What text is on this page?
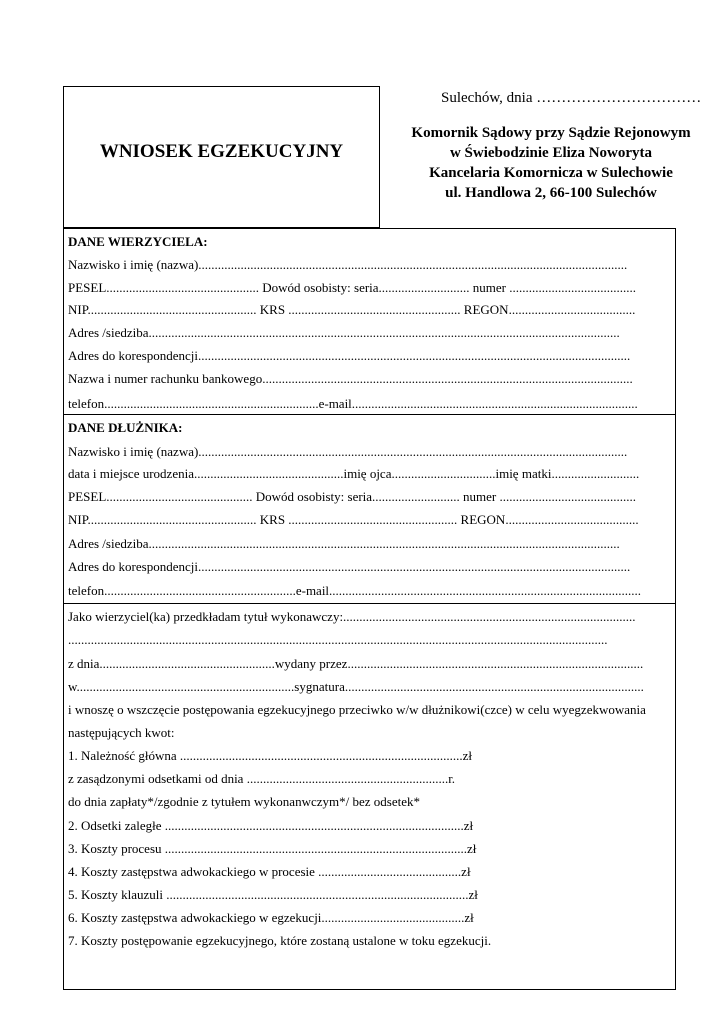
Sulechów, dnia ……………………………
WNIOSEK EGZEKUCYJNY
Komornik Sądowy przy Sądzie Rejonowym
w Świebodzinie Eliza Noworyta
Kancelaria Komornicza w Sulechowie
ul. Handlowa 2, 66-100 Sulechów
DANE WIERZYCIELA:
Nazwisko i imię (nazwa)....................................................................................................................................
PESEL............................................... Dowód osobisty: seria............................ numer .......................................
NIP.................................................... KRS ..................................................... REGON.......................................
Adres /siedziba.................................................................................................................................................
Adres do korespondencji.....................................................................................................................................
Nazwa i numer rachunku bankowego..................................................................................................................
telefon..................................................................e-mail........................................................................................
DANE DŁUŻNIKA:
Nazwisko i imię (nazwa)....................................................................................................................................
data i miejsce urodzenia..............................................imię ojca................................imię matki...........................
PESEL............................................. Dowód osobisty: seria........................... numer ..........................................
NIP.................................................... KRS .................................................... REGON.........................................
Adres /siedziba.................................................................................................................................................
Adres do korespondencji.....................................................................................................................................
telefon...........................................................e-mail................................................................................................
Jako wierzyciel(ka) przedkładam tytuł wykonawczy:..........................................................................................
......................................................................................................................................................................
z dnia......................................................wydany przez...........................................................................................
w...................................................................sygnatura............................................................................................
i wnoszę o wszczęcie postępowania egzekucyjnego przeciwko w/w dłużnikowi(czce) w celu wyegzekwowania
następujących kwot:
1. Należność główna .......................................................................................zł
z zasądzonymi odsetkami od dnia ..............................................................r.
do dnia zapłaty*/zgodnie z tytułem wykonanwczym*/ bez odsetek*
2. Odsetki zaległe ............................................................................................zł
3. Koszty procesu .............................................................................................zł
4. Koszty zastępstwa adwokackiego w procesie ............................................zł
5. Koszty klauzuli .............................................................................................zł
6. Koszty zastępstwa adwokackiego w egzekucji............................................zł
7. Koszty postępowanie egzekucyjnego, które zostaną ustalone w toku egzekucji.
